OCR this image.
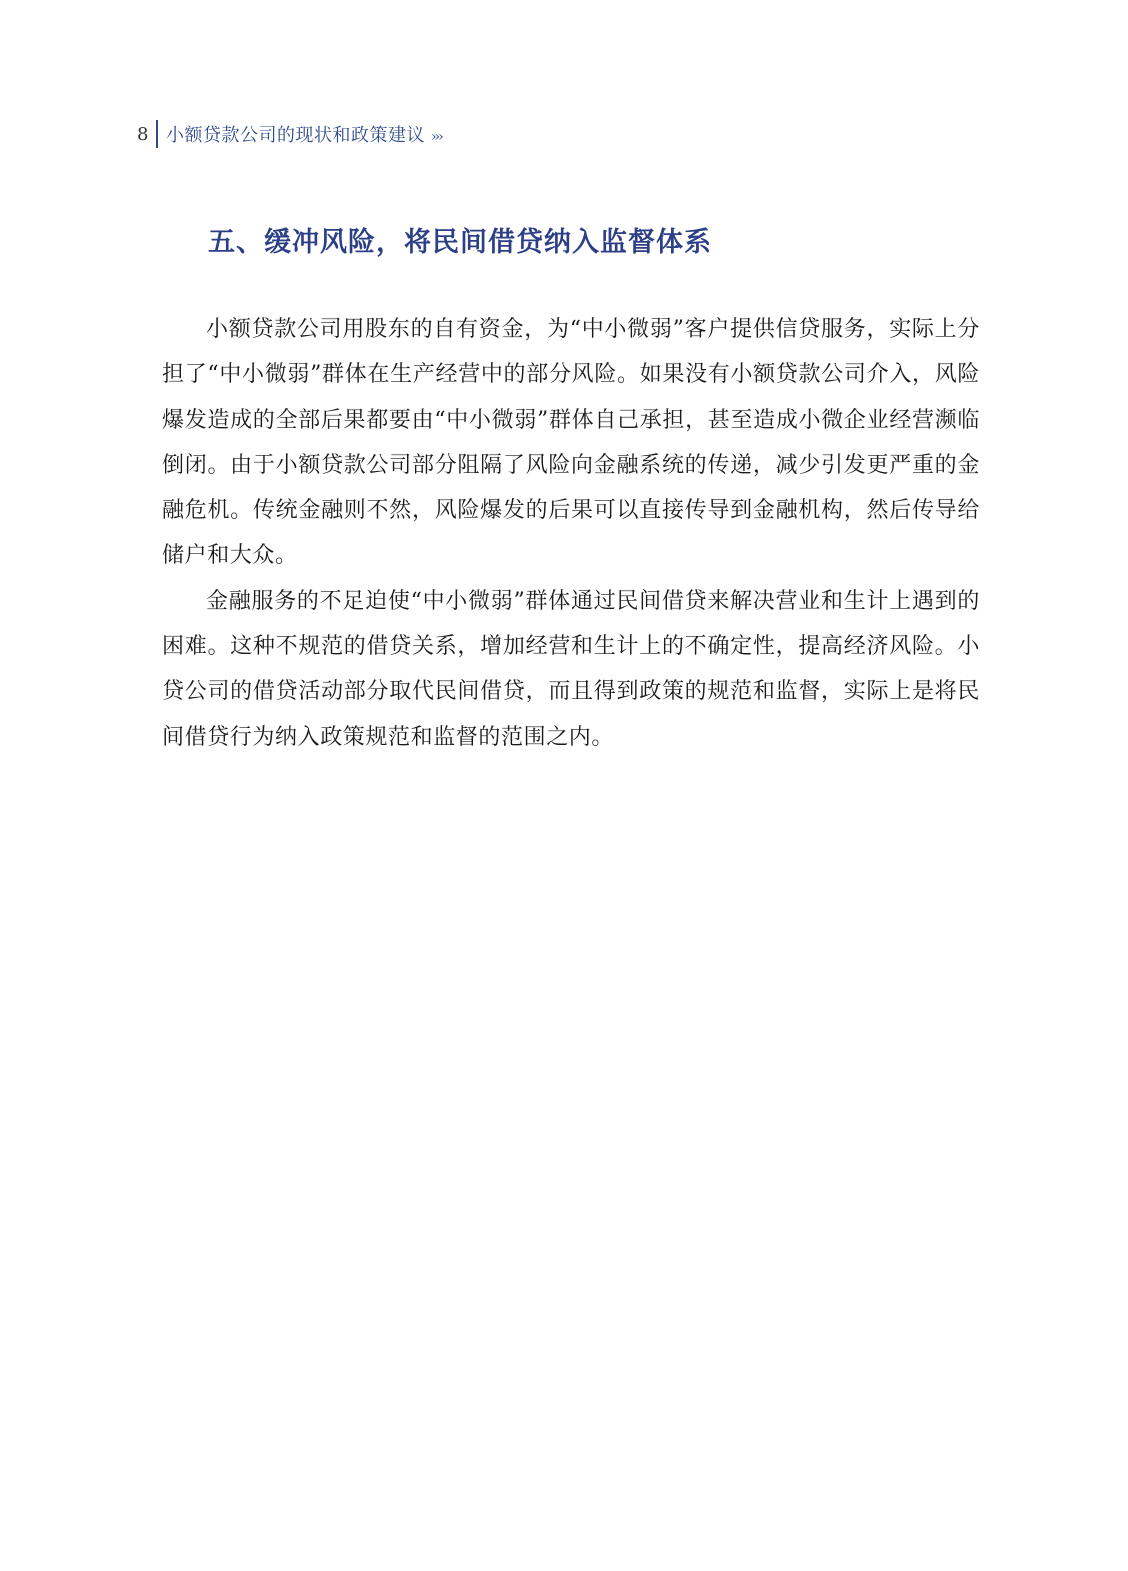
8 小额贷款公司的现状和政策建议 ›››
五、缓冲风险，将民间借贷纳入监督体系

小额贷款公司用股东的自有资金，为“中小微弱”客户提供信贷服务，实际上分担了“中小微弱”群体在生产经营中的部分风险。如果没有小额贷款公司介入，风险爆发造成的全部后果都要由“中小微弱”群体自己承担，甚至造成小微企业经营濒临倒闭。由于小额贷款公司部分阻隔了风险向金融系统的传递，减少引发更严重的金融危机。传统金融则不然，风险爆发的后果可以直接传导到金融机构，然后传导给储户和大众。

金融服务的不足迫使“中小微弱”群体通过民间借贷来解决营业和生计上遇到的困难。这种不规范的借贷关系，增加经营和生计上的不确定性，提高经济风险。小贷公司的借贷活动部分取代民间借贷，而且得到政策的规范和监督，实际上是将民间借贷行为纳入政策规范和监督的范围之内。
